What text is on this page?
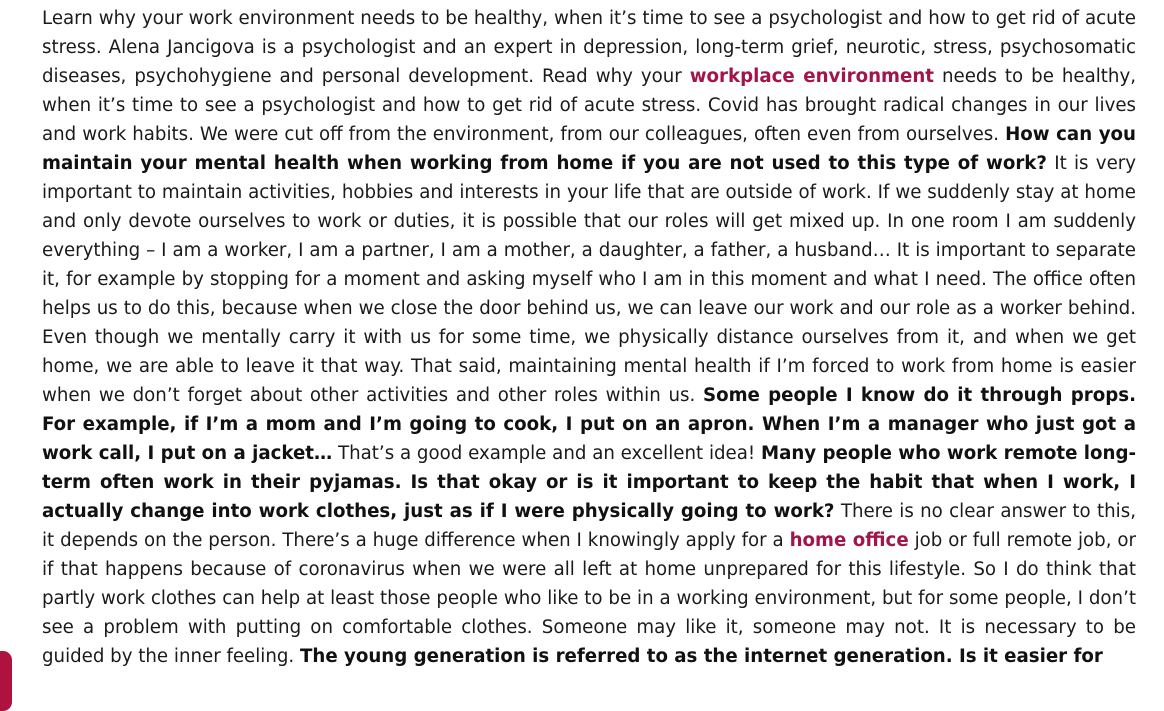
Learn why your work environment needs to be healthy, when it’s time to see a psychologist and how to get rid of acute stress. Alena Jancigova is a psychologist and an expert in depression, long-term grief, neurotic, stress, psychosomatic diseases, psychohygiene and personal development. Read why your workplace environment needs to be healthy, when it’s time to see a psychologist and how to get rid of acute stress. Covid has brought radical changes in our lives and work habits. We were cut off from the environment, from our colleagues, often even from ourselves. How can you maintain your mental health when working from home if you are not used to this type of work? It is very important to maintain activities, hobbies and interests in your life that are outside of work. If we suddenly stay at home and only devote ourselves to work or duties, it is possible that our roles will get mixed up. In one room I am suddenly everything – I am a worker, I am a partner, I am a mother, a daughter, a father, a husband… It is important to separate it, for example by stopping for a moment and asking myself who I am in this moment and what I need. The office often helps us to do this, because when we close the door behind us, we can leave our work and our role as a worker behind. Even though we mentally carry it with us for some time, we physically distance ourselves from it, and when we get home, we are able to leave it that way. That said, maintaining mental health if I’m forced to work from home is easier when we don’t forget about other activities and other roles within us. Some people I know do it through props. For example, if I’m a mom and I’m going to cook, I put on an apron. When I’m a manager who just got a work call, I put on a jacket… That’s a good example and an excellent idea! Many people who work remote long-term often work in their pyjamas. Is that okay or is it important to keep the habit that when I work, I actually change into work clothes, just as if I were physically going to work? There is no clear answer to this, it depends on the person. There’s a huge difference when I knowingly apply for a home office job or full remote job, or if that happens because of coronavirus when we were all left at home unprepared for this lifestyle. So I do think that partly work clothes can help at least those people who like to be in a working environment, but for some people, I don’t see a problem with putting on comfortable clothes. Someone may like it, someone may not. It is necessary to be guided by the inner feeling. The young generation is referred to as the internet generation. Is it easier for
